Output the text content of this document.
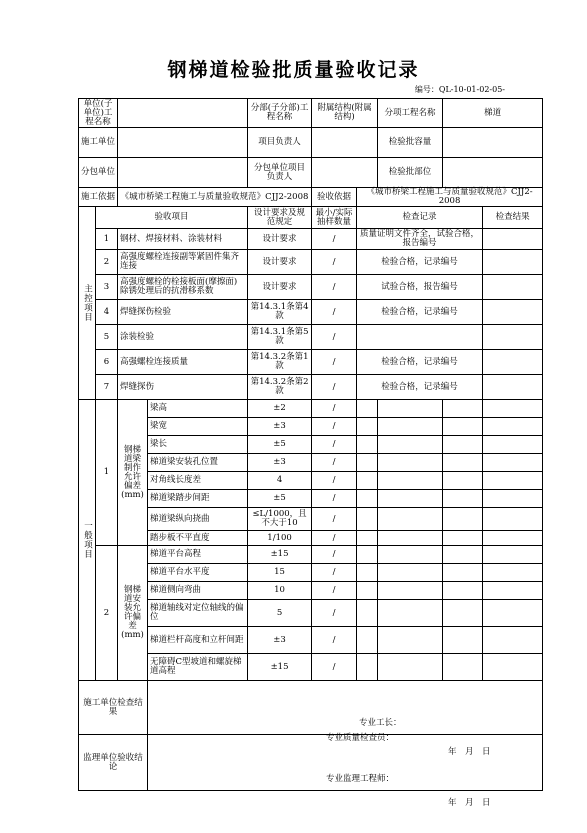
钢梯道检验批质量验收记录
编号：QL-10-01-02-05-
单位(子单位)工程名称				分部(子分部)工程名称	附属结构(附属结构)		分项工程名称	梯道	
施工单位				项目负责人			检验批容量		
分包单位				分包单位项目负责人			检验批部位		
施工依据		《城市桥梁工程施工与质量验收规范》CJJ2-2008			验收依据	《城市桥梁工程施工与质量验收规范》CJJ2-2008			

主控项目	验收项目			设计要求及规范规定	最小/实际抽样数量	检查记录			检查结果
	1	钢材、焊接材料、涂装材料		设计要求	/	质量证明文件齐全，试验合格，报告编号			
	2	高强度螺栓连接副等紧固件集齐连接		设计要求	/	检验合格，记录编号			
	3	高强度螺栓的栓接板面(摩擦面)除锈处理后的抗滑移系数		设计要求	/	试验合格，报告编号			
	4	焊缝探伤检验		第14.3.1条第4款	/	检验合格，记录编号			
	5	涂装检验		第14.3.1条第5款	/				
	6	高强螺栓连接质量		第14.3.2条第1款	/	检验合格，记录编号			
	7	焊缝探伤		第14.3.2条第2款	/	检验合格，记录编号			

一般项目	1	钢梯道梁制作允许偏差(mm)	梁高	±2	/				
			梁宽	±3	/				
			梁长	±5	/				
			梯道梁安装孔位置	±3	/				
			对角线长度差	4	/				
			梯道梁踏步间距	±5	/				
			梯道梁纵向挠曲	≤L/1000，且不大于10	/				
			踏步板不平直度	1/100	/				
	2	钢梯道安装允许偏差(mm)	梯道平台高程	±15	/				
			梯道平台水平度	15	/				
			梯道侧向弯曲	10	/				
			梯道轴线对定位轴线的偏位	5	/				
			梯道栏杆高度和立杆间距	±3	/				
			无障碍C型坡道和螺旋梯道高程	±15	/				
施工单位检查结果			专业工长：
专业质量检查员：
年　月　日						

监理单位验收结论			专业监理工程师：
年　月　日						
